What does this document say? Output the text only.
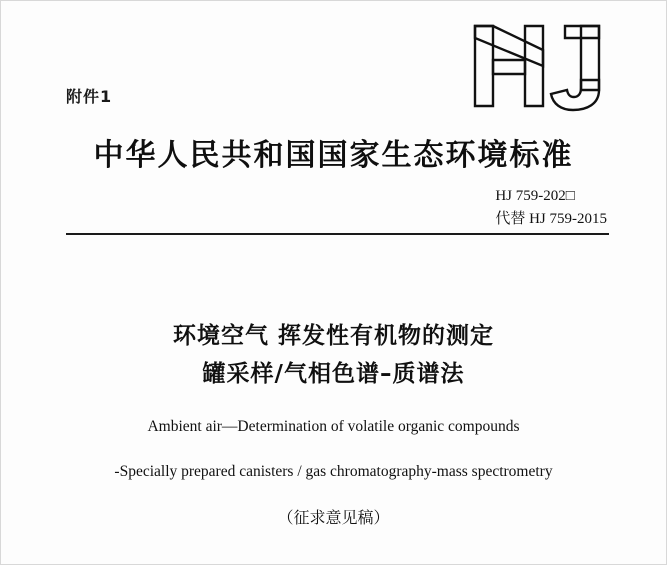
附件1
中华人民共和国国家生态环境标准
HJ 759-202□
代替 HJ 759-2015
环境空气 挥发性有机物的测定
罐采样/气相色谱–质谱法
Ambient air—Determination of volatile organic compounds
-Specially prepared canisters / gas chromatography-mass spectrometry
（征求意见稿）
